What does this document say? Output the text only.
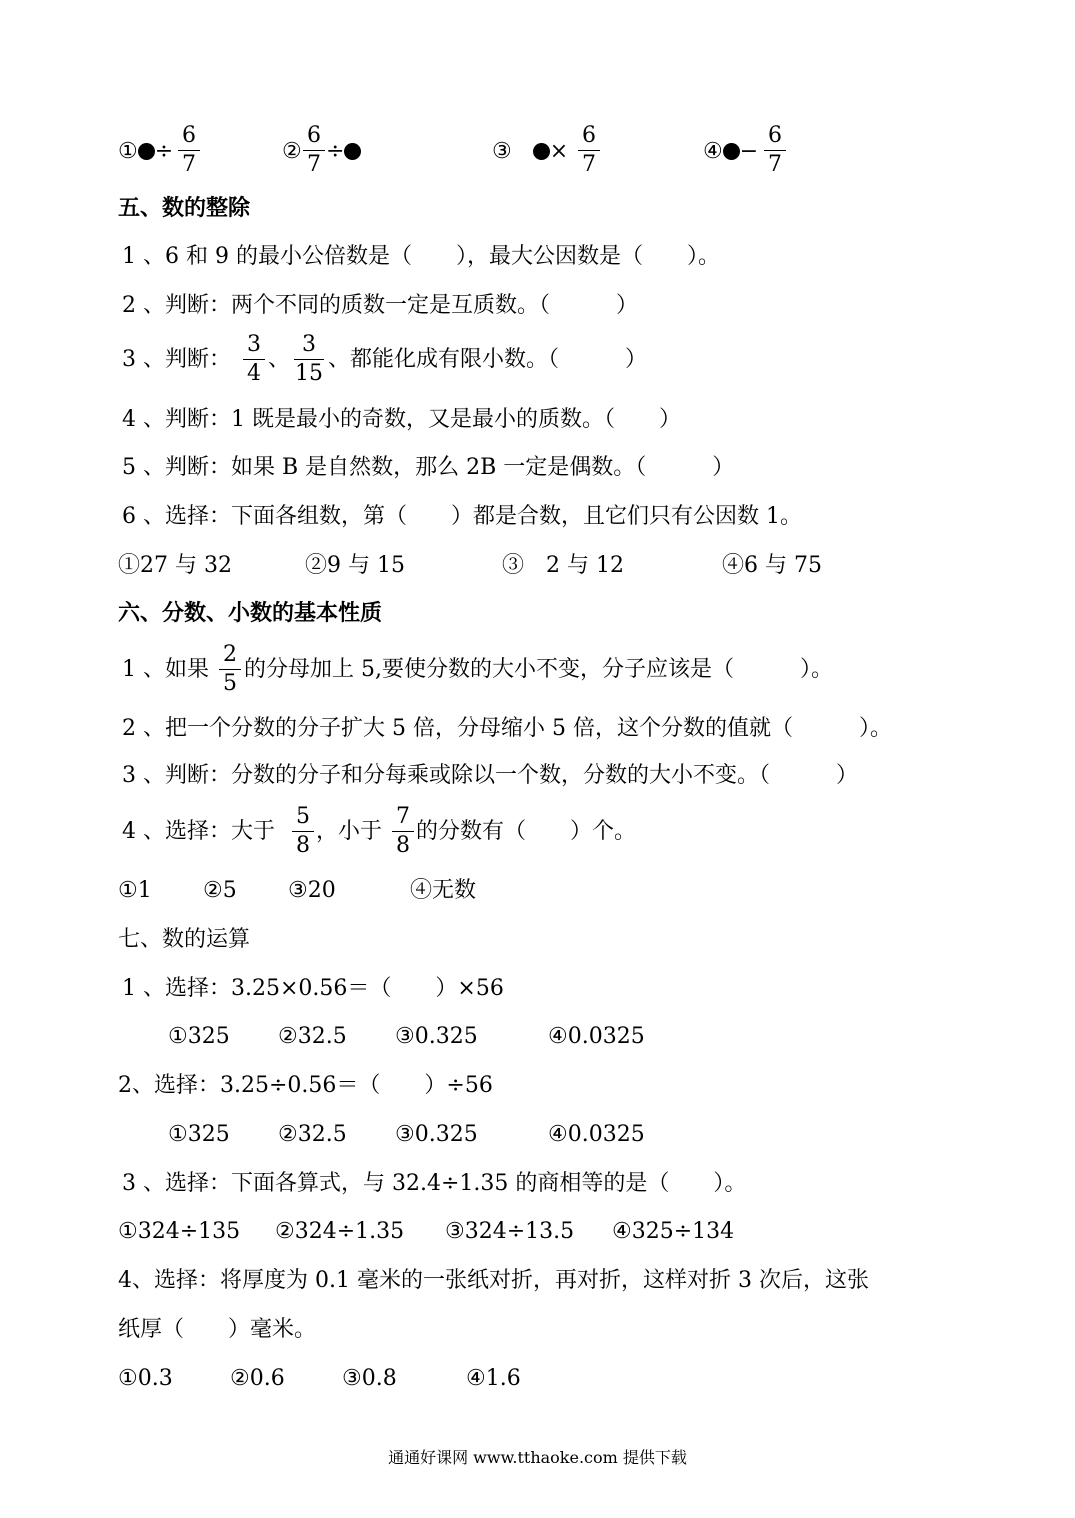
① ÷
6
7
②
6
7
÷	③ ×
6
7
④ −
6
7
五、数的整除
1 、6 和 9 的最小公倍数是（　　），最大公因数是（　　）。
2 、判断：两个不同的质数一定是互质数。（　　　）
3 、判断：
3
4
、
3
15
、都能化成有限小数。（　　　）
4 、判断：1 既是最小的奇数，又是最小的质数。（　　）
5 、判断：如果 B 是自然数，那么 2B 一定是偶数。（　　　）
6 、选择：下面各组数，第（　　）都是合数，且它们只有公因数 1。
①27 与 32	②9 与 15	③　2 与 12	④6 与 75
六、分数、小数的基本性质
1 、如果
2
5
的分母加上 5,要使分数的大小不变，分子应该是（　　　）。
2 、把一个分数的分子扩大 5 倍，分母缩小 5 倍，这个分数的值就（　　　）。
3 、判断：分数的分子和分每乘或除以一个数，分数的大小不变。（　　　）
4 、选择：大于
5
8
，小于
7
8
的分数有（　　）个。
①1 ②5 ③20	④无数
七、数的运算
1 、选择：3.25×0.56＝（　　）×56
①325 ②32.5 ③0.325	④0.0325
2、选择：3.25÷0.56＝（　　）÷56
①325 ②32.5 ③0.325	④0.0325
3 、选择：下面各算式，与 32.4÷1.35 的商相等的是（　　）。
①324÷135 ②324÷1.35 ③324÷13.5 ④325÷134
4、选择：将厚度为 0.1 毫米的一张纸对折，再对折，这样对折 3 次后，这张
纸厚（　　）毫米。
①0.3	②0.6	③0.8	④1.6
通通好课网 www.tthaoke.com 提供下载
